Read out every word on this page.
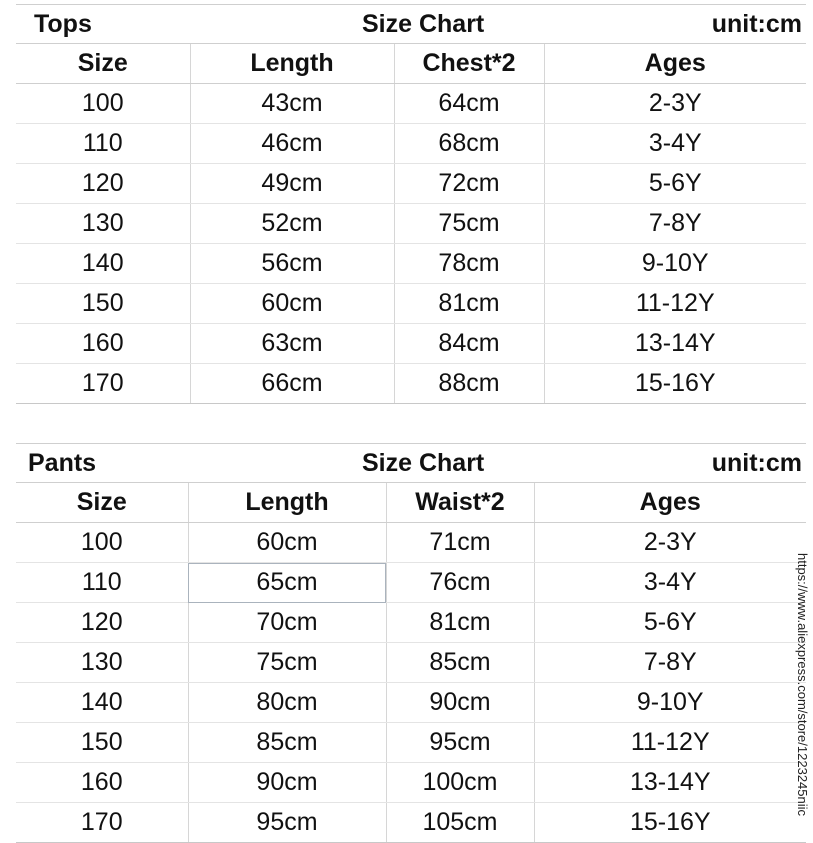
Tops	Size Chart	unit:cm
Size	Length	Chest*2	Ages
100	43cm	64cm	2-3Y
110	46cm	68cm	3-4Y
120	49cm	72cm	5-6Y
130	52cm	75cm	7-8Y
140	56cm	78cm	9-10Y
150	60cm	81cm	11-12Y
160	63cm	84cm	13-14Y
170	66cm	88cm	15-16Y
Pants	Size Chart	unit:cm
Size	Length	Waist*2	Ages
100	60cm	71cm	2-3Y
110	65cm	76cm	3-4Y
120	70cm	81cm	5-6Y
130	75cm	85cm	7-8Y
140	80cm	90cm	9-10Y
150	85cm	95cm	11-12Y
160	90cm	100cm	13-14Y
170	95cm	105cm	15-16Y
https://www.aliexpress.com/store/1223245niic
